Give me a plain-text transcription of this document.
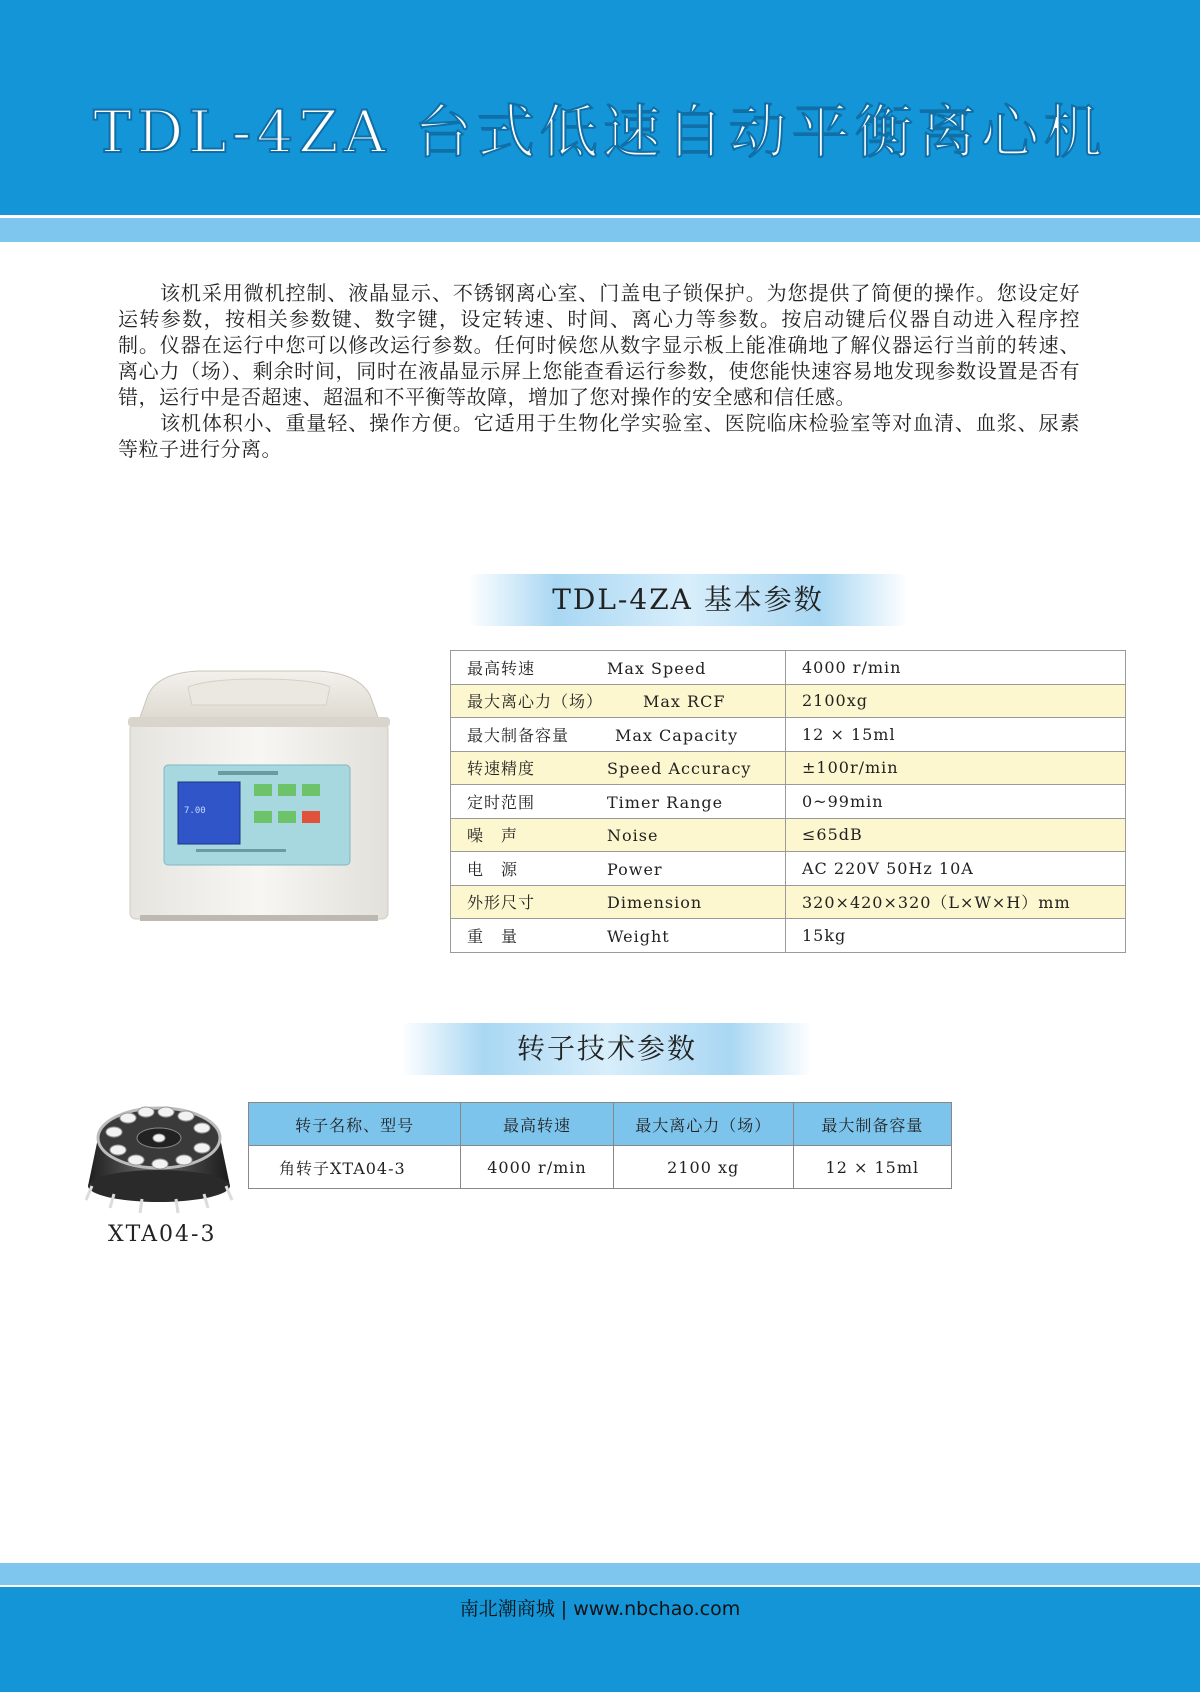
TDL-4ZA 台式低速自动平衡离心机

该机采用微机控制、液晶显示、不锈钢离心室、门盖电子锁保护。为您提供了简便的操作。您设定好运转参数，按相关参数键、数字键，设定转速、时间、离心力等参数。按启动键后仪器自动进入程序控制。仪器在运行中您可以修改运行参数。任何时候您从数字显示板上能准确地了解仪器运行当前的转速、离心力（场）、剩余时间，同时在液晶显示屏上您能查看运行参数，使您能快速容易地发现参数设置是否有错，运行中是否超速、超温和不平衡等故障，增加了您对操作的安全感和信任感。

该机体积小、重量轻、操作方便。它适用于生物化学实验室、医院临床检验室等对血清、血浆、尿素等粒子进行分离。

7.00
TDL-4ZA 基本参数
最高转速 Max Speed	4000 r/min
最大离心力（场） Max RCF	2100xg
最大制备容量 Max Capacity	12 × 15ml
转速精度 Speed Accuracy	±100r/min
定时范围 Timer Range	0~99min
噪　声 Noise	≤65dB
电　源 Power	AC 220V 50Hz 10A
外形尺寸 Dimension	320×420×320（L×W×H）mm
重　量 Weight	15kg
转子技术参数
转子名称、型号	最高转速	最大离心力（场）	最大制备容量
角转子XTA04-3	4000 r/min	2100 xg	12 × 15ml
XTA04-3
南北潮商城 | www.nbchao.com
